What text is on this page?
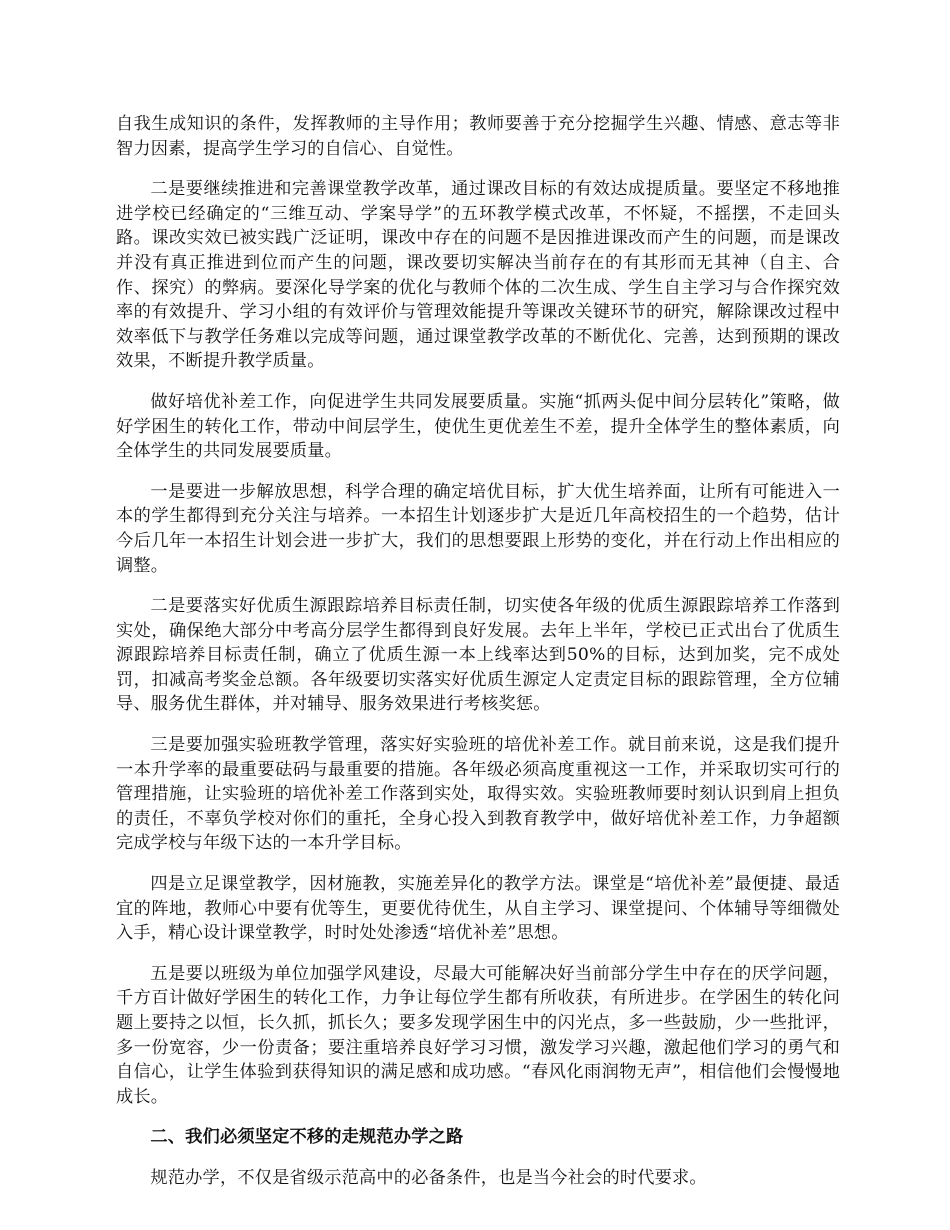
自我生成知识的条件，发挥教师的主导作用；教师要善于充分挖掘学生兴趣、情感、意志等非智力因素，提高学生学习的自信心、自觉性。

二是要继续推进和完善课堂教学改革，通过课改目标的有效达成提质量。要坚定不移地推进学校已经确定的“三维互动、学案导学”的五环教学模式改革，不怀疑，不摇摆，不走回头路。课改实效已被实践广泛证明，课改中存在的问题不是因推进课改而产生的问题，而是课改并没有真正推进到位而产生的问题，课改要切实解决当前存在的有其形而无其神（自主、合作、探究）的弊病。要深化导学案的优化与教师个体的二次生成、学生自主学习与合作探究效率的有效提升、学习小组的有效评价与管理效能提升等课改关键环节的研究，解除课改过程中效率低下与教学任务难以完成等问题，通过课堂教学改革的不断优化、完善，达到预期的课改效果，不断提升教学质量。

做好培优补差工作，向促进学生共同发展要质量。实施“抓两头促中间分层转化”策略，做好学困生的转化工作，带动中间层学生，使优生更优差生不差，提升全体学生的整体素质，向全体学生的共同发展要质量。

一是要进一步解放思想，科学合理的确定培优目标，扩大优生培养面，让所有可能进入一本的学生都得到充分关注与培养。一本招生计划逐步扩大是近几年高校招生的一个趋势，估计今后几年一本招生计划会进一步扩大，我们的思想要跟上形势的变化，并在行动上作出相应的调整。

二是要落实好优质生源跟踪培养目标责任制，切实使各年级的优质生源跟踪培养工作落到实处，确保绝大部分中考高分层学生都得到良好发展。去年上半年，学校已正式出台了优质生源跟踪培养目标责任制，确立了优质生源一本上线率达到50%的目标，达到加奖，完不成处罚，扣减高考奖金总额。各年级要切实落实好优质生源定人定责定目标的跟踪管理，全方位辅导、服务优生群体，并对辅导、服务效果进行考核奖惩。

三是要加强实验班教学管理，落实好实验班的培优补差工作。就目前来说，这是我们提升一本升学率的最重要砝码与最重要的措施。各年级必须高度重视这一工作，并采取切实可行的管理措施，让实验班的培优补差工作落到实处，取得实效。实验班教师要时刻认识到肩上担负的责任，不辜负学校对你们的重托，全身心投入到教育教学中，做好培优补差工作，力争超额完成学校与年级下达的一本升学目标。

四是立足课堂教学，因材施教，实施差异化的教学方法。课堂是“培优补差”最便捷、最适宜的阵地，教师心中要有优等生，更要优待优生，从自主学习、课堂提问、个体辅导等细微处入手，精心设计课堂教学，时时处处渗透“培优补差”思想。

五是要以班级为单位加强学风建设，尽最大可能解决好当前部分学生中存在的厌学问题，千方百计做好学困生的转化工作，力争让每位学生都有所收获，有所进步。在学困生的转化问题上要持之以恒，长久抓，抓长久；要多发现学困生中的闪光点，多一些鼓励，少一些批评，多一份宽容，少一份责备；要注重培养良好学习习惯，激发学习兴趣，激起他们学习的勇气和自信心，让学生体验到获得知识的满足感和成功感。“春风化雨润物无声”，相信他们会慢慢地成长。

二、我们必须坚定不移的走规范办学之路

规范办学，不仅是省级示范高中的必备条件，也是当今社会的时代要求。
